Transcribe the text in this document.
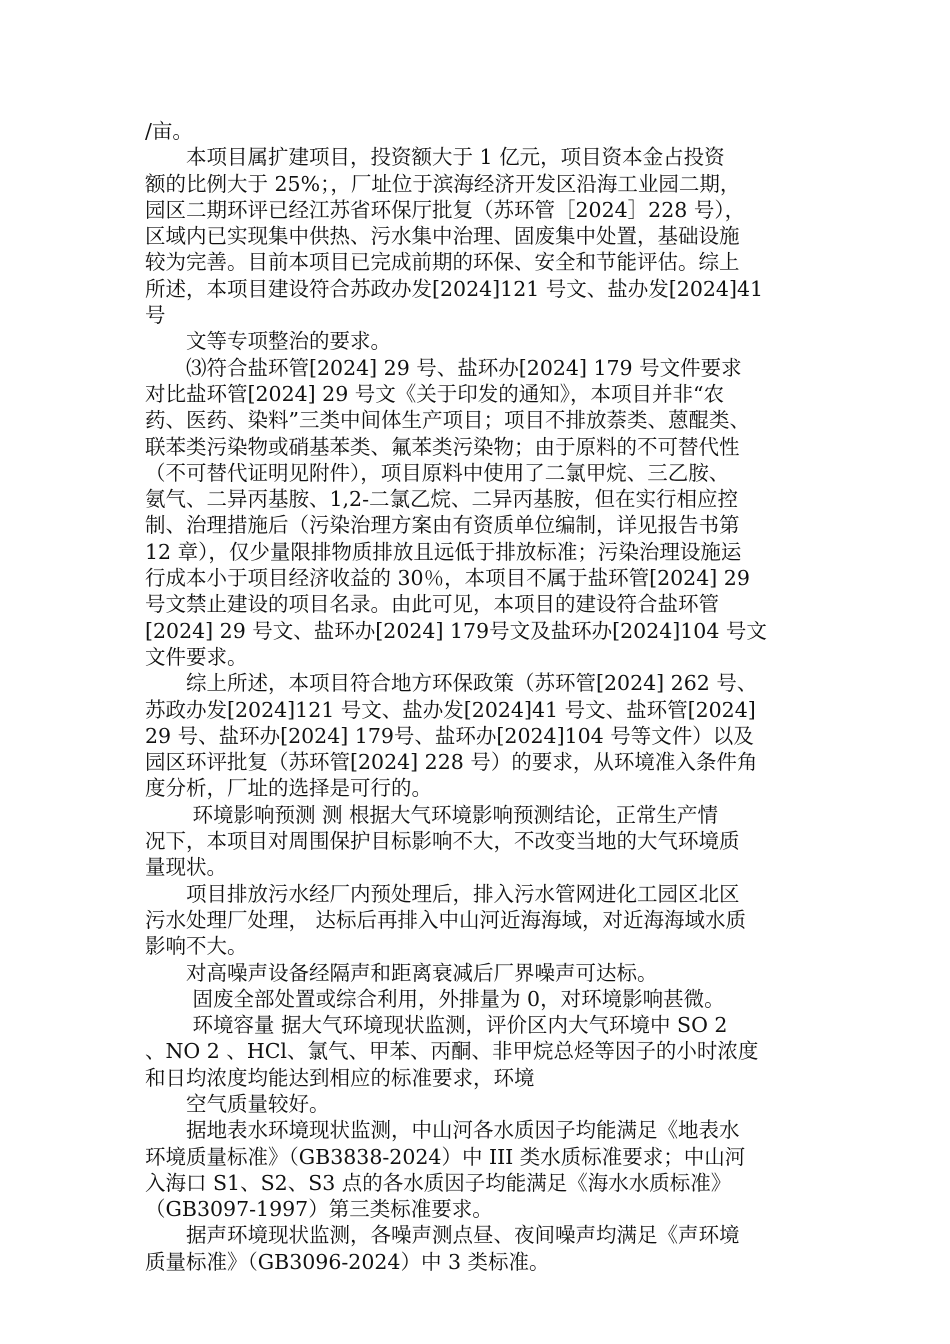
/亩。
　　本项目属扩建项目，投资额大于 1 亿元，项目资本金占投资
额的比例大于 25%；，厂址位于滨海经济开发区沿海工业园二期，
园区二期环评已经江苏省环保厅批复（苏环管［2024］228 号），
区域内已实现集中供热、污水集中治理、固废集中处置，基础设施
较为完善。目前本项目已完成前期的环保、安全和节能评估。综上
所述，本项目建设符合苏政办发[2024]121 号文、盐办发[2024]41
号
　　文等专项整治的要求。
　　⑶符合盐环管[2024] 29 号、盐环办[2024] 179 号文件要求
对比盐环管[2024] 29 号文《关于印发的通知》，本项目并非“农
药、医药、染料”三类中间体生产项目；项目不排放萘类、蒽醌类、
联苯类污染物或硝基苯类、氟苯类污染物；由于原料的不可替代性
（不可替代证明见附件），项目原料中使用了二氯甲烷、三乙胺、
氨气、二异丙基胺、1,2-二氯乙烷、二异丙基胺，但在实行相应控
制、治理措施后（污染治理方案由有资质单位编制，详见报告书第
12 章），仅少量限排物质排放且远低于排放标准；污染治理设施运
行成本小于项目经济收益的 30％，本项目不属于盐环管[2024] 29
号文禁止建设的项目名录。由此可见，本项目的建设符合盐环管
[2024] 29 号文、盐环办[2024] 179号文及盐环办[2024]104 号文
文件要求。
　　综上所述，本项目符合地方环保政策（苏环管[2024] 262 号、
苏政办发[2024]121 号文、盐办发[2024]41 号文、盐环管[2024]
29 号、盐环办[2024] 179号、盐环办[2024]104 号等文件）以及
园区环评批复（苏环管[2024] 228 号）的要求，从环境准入条件角
度分析，厂址的选择是可行的。
　　 环境影响预测 测 根据大气环境影响预测结论，正常生产情
况下，本项目对周围保护目标影响不大，不改变当地的大气环境质
量现状。
　　项目排放污水经厂内预处理后，排入污水管网进化工园区北区
污水处理厂处理， 达标后再排入中山河近海海域，对近海海域水质
影响不大。
　　对高噪声设备经隔声和距离衰减后厂界噪声可达标。
　　 固废全部处置或综合利用，外排量为 0，对环境影响甚微。
　　 环境容量 据大气环境现状监测，评价区内大气环境中 SO 2
、NO 2 、HCl、氯气、甲苯、丙酮、非甲烷总烃等因子的小时浓度
和日均浓度均能达到相应的标准要求，环境
　　空气质量较好。
　　据地表水环境现状监测，中山河各水质因子均能满足《地表水
环境质量标准》（GB3838-2024）中 III 类水质标准要求；中山河
入海口 S1、S2、S3 点的各水质因子均能满足《海水水质标准》
（GB3097-1997）第三类标准要求。
　　据声环境现状监测，各噪声测点昼、夜间噪声均满足《声环境
质量标准》（GB3096-2024）中 3 类标准。
